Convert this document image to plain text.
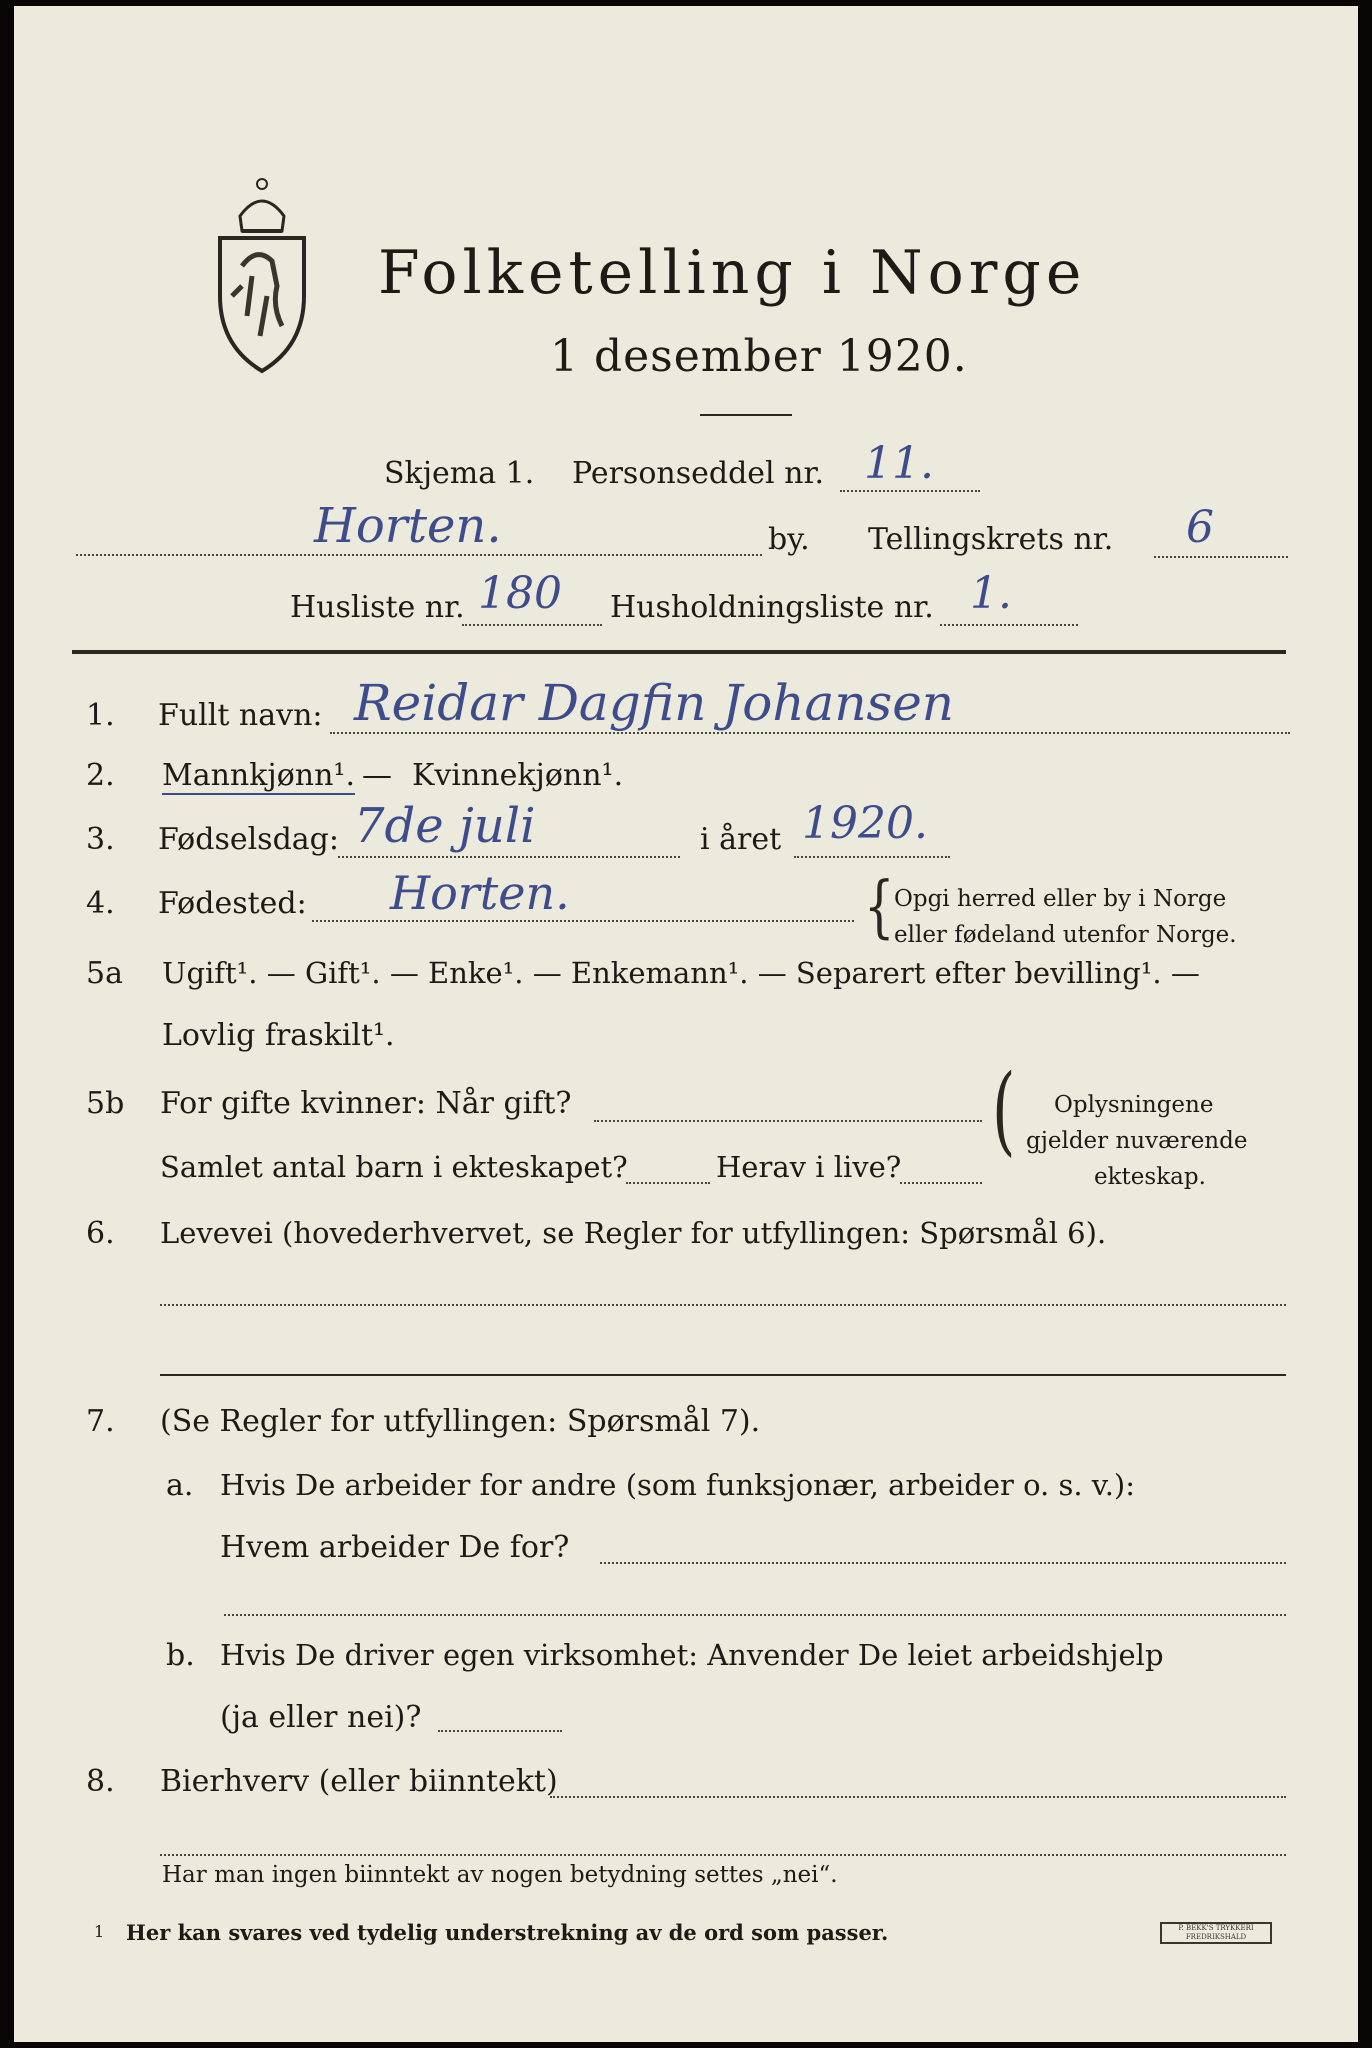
Folketelling i Norge
1 desember 1920.
Skjema 1. Personseddel nr. 11.
Horten.	by. Tellingskrets nr. 6
Husliste nr. 180 Husholdningsliste nr. 1.
1. Fullt navn: Reidar Dagfin Johansen
2. Mannkjønn¹. — Kvinnekjønn¹.
3. Fødselsdag: 7de juli	i året 1920.
4. Fødested: Horten.	{ Opgi herred eller by i Norge
eller fødeland utenfor Norge.
5a Ugift¹. — Gift¹. — Enke¹. — Enkemann¹. — Separert efter bevilling¹. —
Lovlig fraskilt¹.
5b For gifte kvinner: Når gift?
Samlet antal barn i ekteskapet?	Herav i live? ( Oplysningene
gjelder nuværende
ekteskap.
6. Levevei (hovederhvervet, se Regler for utfyllingen: Spørsmål 6).
7. (Se Regler for utfyllingen: Spørsmål 7).
a. Hvis De arbeider for andre (som funksjonær, arbeider o. s. v.):
Hvem arbeider De for?
b. Hvis De driver egen virksomhet: Anvender De leiet arbeidshjelp
(ja eller nei)?
8. Bierhverv (eller biinntekt)
Har man ingen biinntekt av nogen betydning settes „nei“.
1 Her kan svares ved tydelig understrekning av de ord som passer.	P. BEKK'S TRYKKERI FREDRIKSHALD
